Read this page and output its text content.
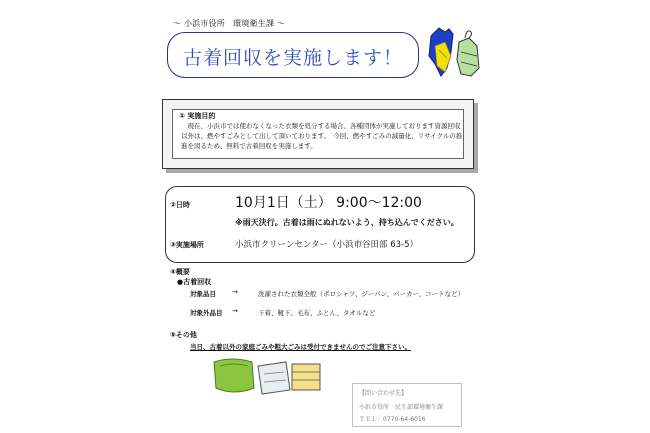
～ 小浜市役所　環境衛生課 ～
古着回収を実施します！
① 実施目的
　現在、小浜市では使わなくなった衣類を処分する場合、各種団体が実施しております資源回収以外は、燃やすごみとして出して頂いております。　今回、燃やすごみの減量化、リサイクルの推進を図るため、無料で古着回収を実施します。
②日時	10月1日（土） 9:00～12:00
※雨天決行。古着は雨にぬれないよう、持ち込んでください。
③実施場所	小浜市クリーンセンター（小浜市谷田部 63-5）
④概要
●古着回収
対象品目 →	洗濯された衣類全般（ポロシャツ、ジーパン、パーカー、コートなど）
対象外品目 →	下着、靴下、毛布、ふとん、タオルなど
⑤その他
当日、古着以外の家庭ごみや粗大ごみは受付できませんのでご注意下さい。
【問い合わせ先】
小浜市役所　民生部環境衛生課
ＴＥＬ：0770-64-6016
